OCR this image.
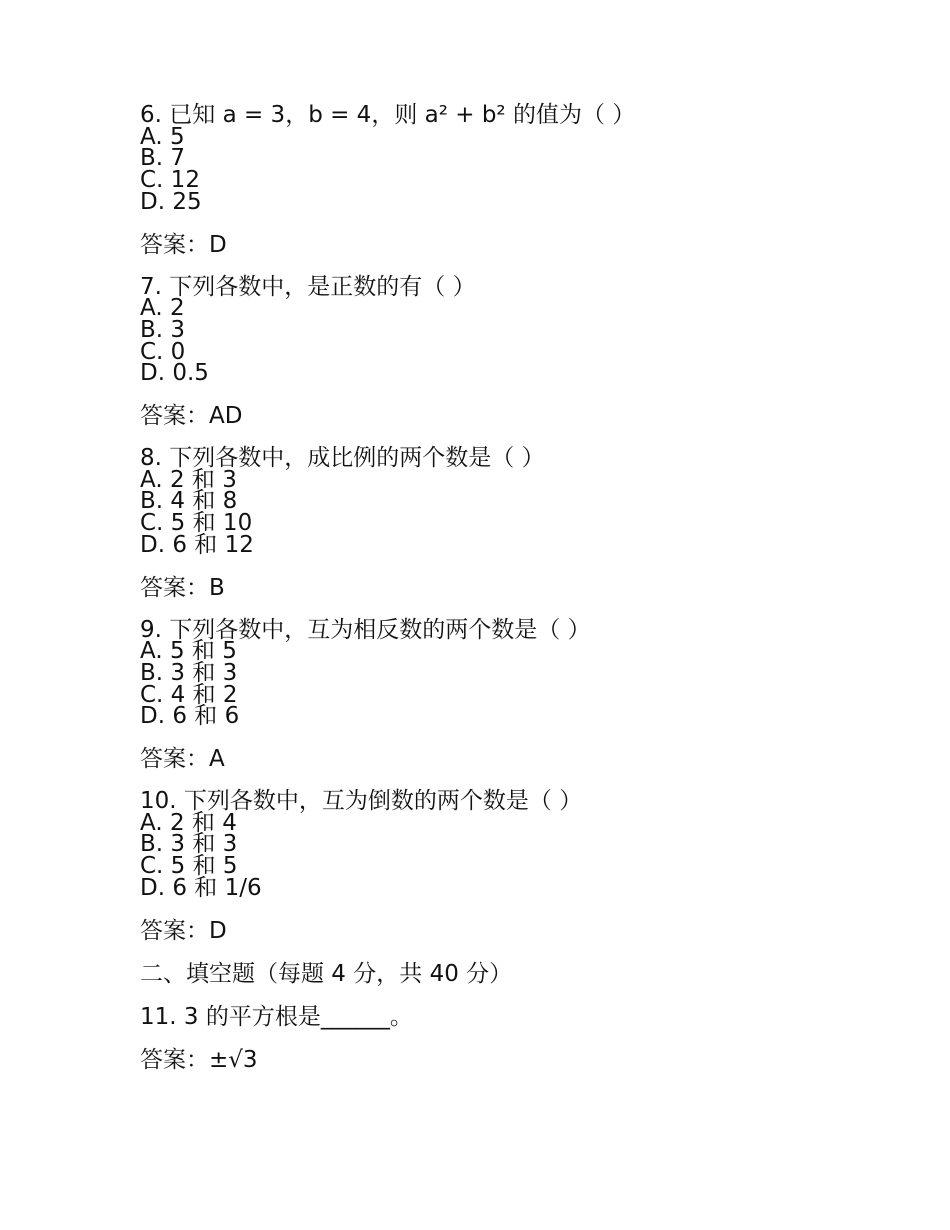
6. 已知 a = 3，b = 4，则 a² + b² 的值为（ ）
A. 5
B. 7
C. 12
D. 25
答案：D
7. 下列各数中，是正数的有（ ）
A. 2
B. 3
C. 0
D. 0.5
答案：AD
8. 下列各数中，成比例的两个数是（ ）
A. 2 和 3
B. 4 和 8
C. 5 和 10
D. 6 和 12
答案：B
9. 下列各数中，互为相反数的两个数是（ ）
A. 5 和 5
B. 3 和 3
C. 4 和 2
D. 6 和 6
答案：A
10. 下列各数中，互为倒数的两个数是（ ）
A. 2 和 4
B. 3 和 3
C. 5 和 5
D. 6 和 1/6
答案：D
二、填空题（每题 4 分，共 40 分）
11. 3 的平方根是______。
答案：±√3
